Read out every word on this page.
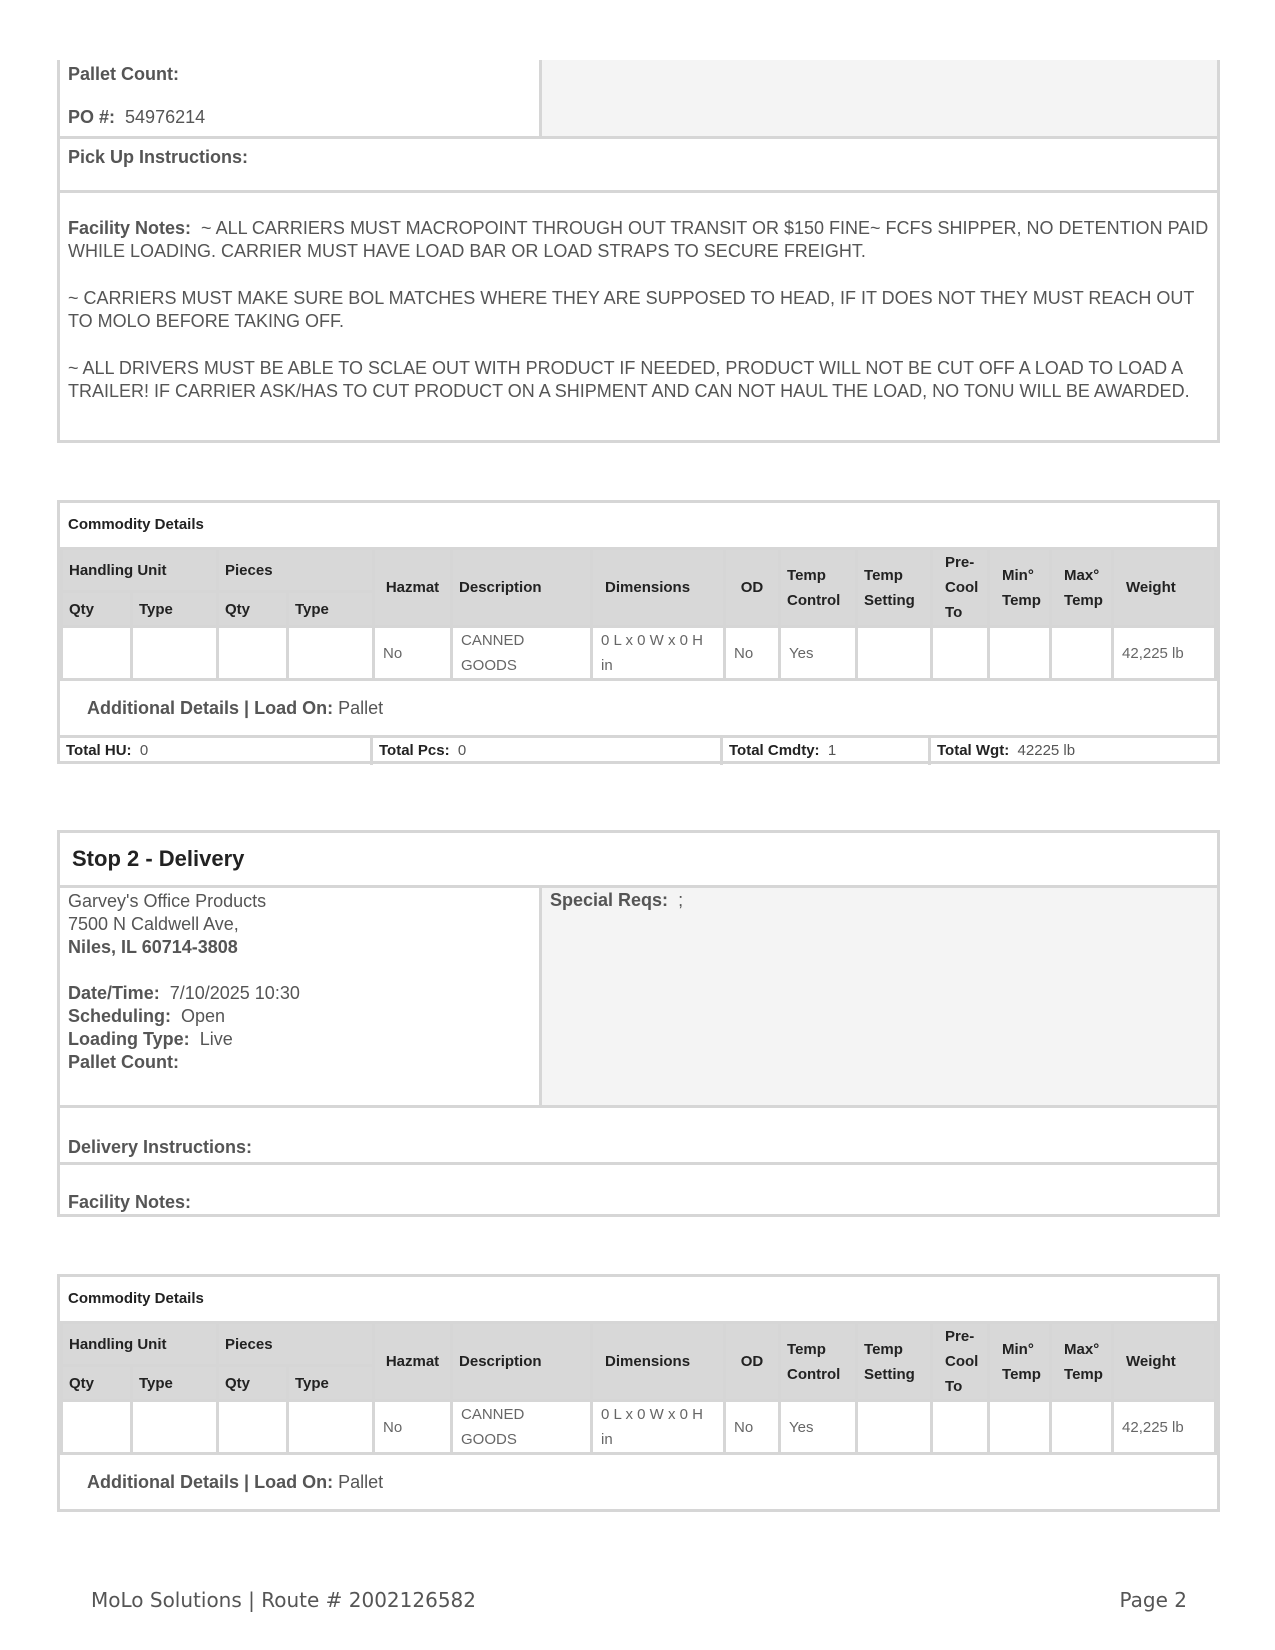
Pallet Count:
PO #: 54976214
Pick Up Instructions:
Facility Notes: ~ ALL CARRIERS MUST MACROPOINT THROUGH OUT TRANSIT OR $150 FINE~ FCFS SHIPPER, NO DETENTION PAID WHILE LOADING. CARRIER MUST HAVE LOAD BAR OR LOAD STRAPS TO SECURE FREIGHT.
~ CARRIERS MUST MAKE SURE BOL MATCHES WHERE THEY ARE SUPPOSED TO HEAD, IF IT DOES NOT THEY MUST REACH OUT TO MOLO BEFORE TAKING OFF.
~ ALL DRIVERS MUST BE ABLE TO SCLAE OUT WITH PRODUCT IF NEEDED, PRODUCT WILL NOT BE CUT OFF A LOAD TO LOAD A TRAILER! IF CARRIER ASK/HAS TO CUT PRODUCT ON A SHIPMENT AND CAN NOT HAUL THE LOAD, NO TONU WILL BE AWARDED.
Commodity Details
Handling Unit		Pieces		Hazmat	Description	Dimensions	OD	Temp Control	Temp Setting	Pre-Cool To	Min° Temp	Max° Temp	Weight
Qty	Type	Qty	Type										
				No	CANNED GOODS	0 L x 0 W x 0 H in	No	Yes					42,225 lb
Additional Details | Load On: Pallet
Total HU: 0	Total Pcs: 0	Total Cmdty: 1	Total Wgt: 42225 lb
Stop 2 - Delivery
Garvey's Office Products
7500 N Caldwell Ave,
Niles, IL 60714-3808
Date/Time: 7/10/2025 10:30
Scheduling: Open
Loading Type: Live
Pallet Count:
Special Reqs: ;
Delivery Instructions:
Facility Notes:
Commodity Details
Handling Unit		Pieces		Hazmat	Description	Dimensions	OD	Temp Control	Temp Setting	Pre-Cool To	Min° Temp	Max° Temp	Weight
Qty	Type	Qty	Type										
				No	CANNED GOODS	0 L x 0 W x 0 H in	No	Yes					42,225 lb
Additional Details | Load On: Pallet
MoLo Solutions | Route # 2002126582	Page 2
